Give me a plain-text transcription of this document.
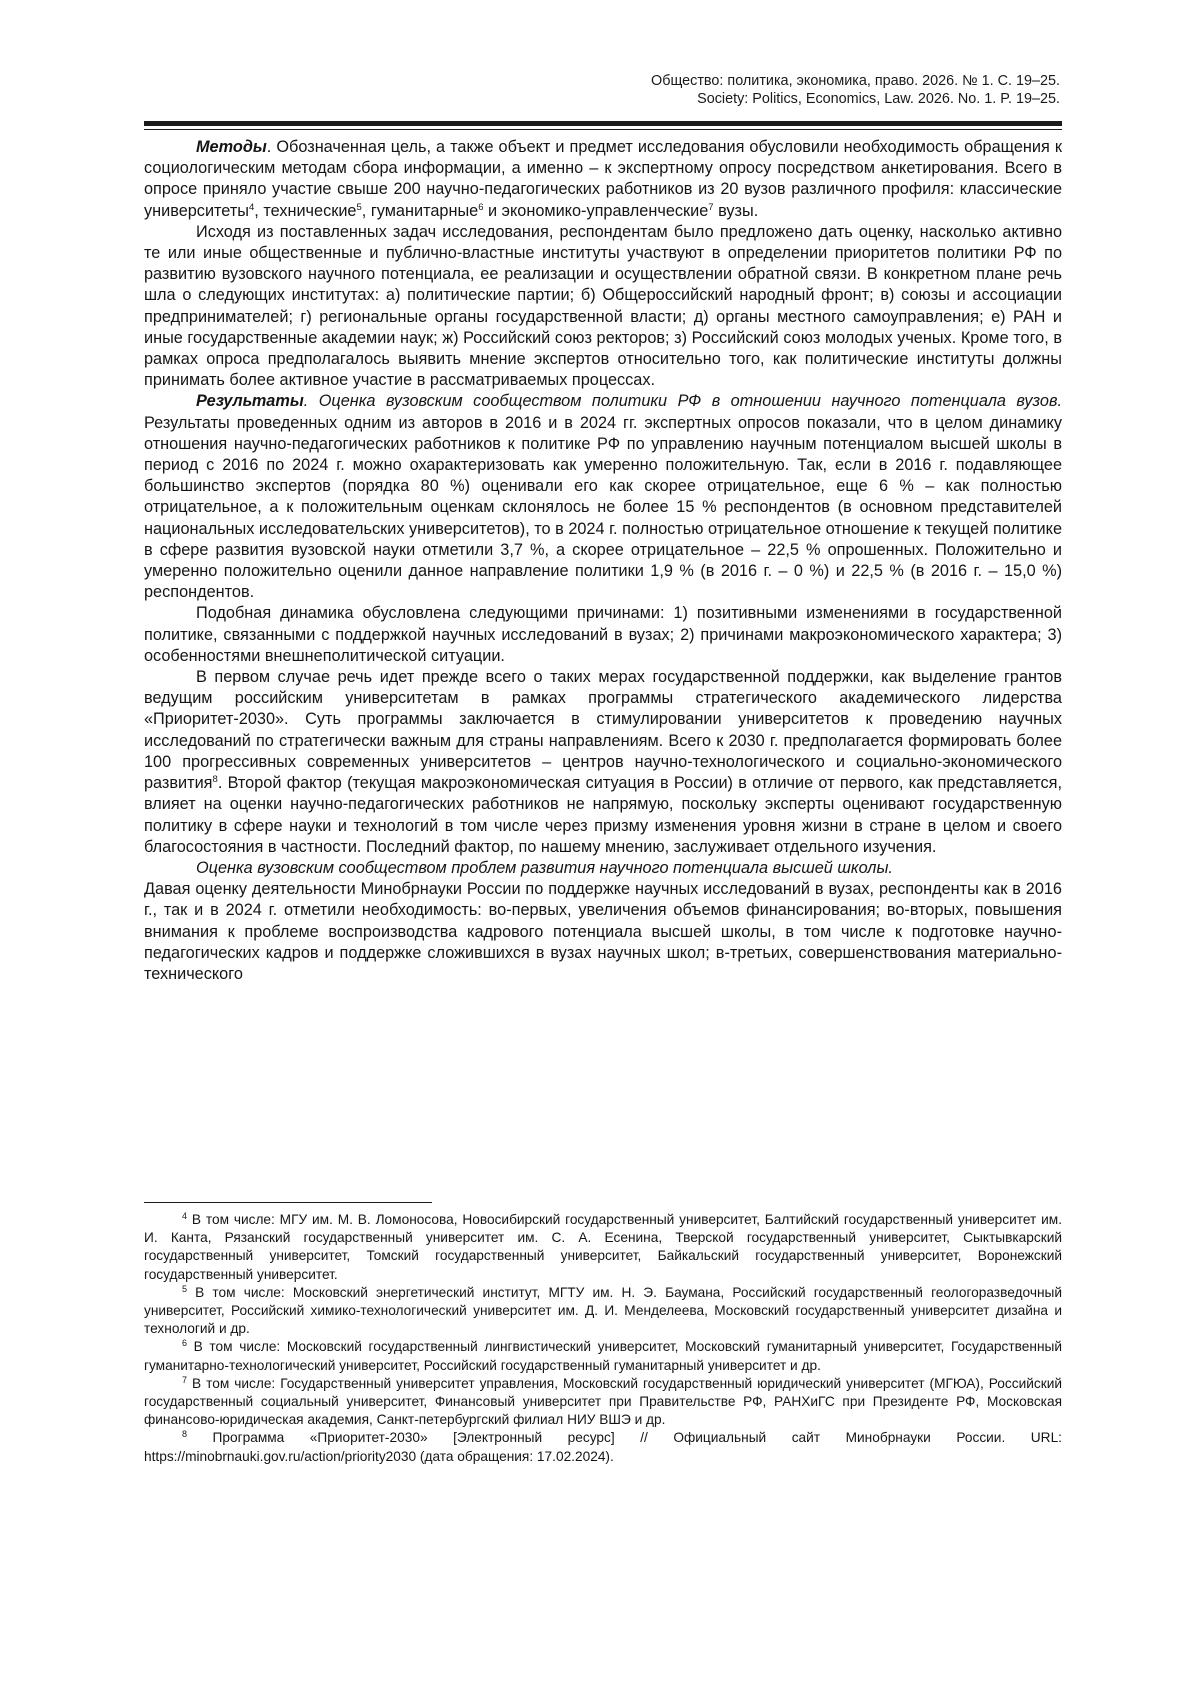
Общество: политика, экономика, право. 2026. № 1. С. 19–25.
Society: Politics, Economics, Law. 2026. No. 1. P. 19–25.

Методы. Обозначенная цель, а также объект и предмет исследования обусловили необходимость обращения к социологическим методам сбора информации, а именно – к экспертному опросу посредством анкетирования. Всего в опросе приняло участие свыше 200 научно-педагогических работников из 20 вузов различного профиля: классические университеты$^4$, технические$^5$, гуманитарные$^6$ и экономико-управленческие$^7$ вузы.

Исходя из поставленных задач исследования, респондентам было предложено дать оценку, насколько активно те или иные общественные и публично-властные институты участвуют в определении приоритетов политики РФ по развитию вузовского научного потенциала, ее реализации и осуществлении обратной связи. В конкретном плане речь шла о следующих институтах: а) политические партии; б) Общероссийский народный фронт; в) союзы и ассоциации предпринимателей; г) региональные органы государственной власти; д) органы местного самоуправления; е) РАН и иные государственные академии наук; ж) Российский союз ректоров; з) Российский союз молодых ученых. Кроме того, в рамках опроса предполагалось выявить мнение экспертов относительно того, как политические институты должны принимать более активное участие в рассматриваемых процессах.

Результаты. Оценка вузовским сообществом политики РФ в отношении научного потенциала вузов. Результаты проведенных одним из авторов в 2016 и в 2024 гг. экспертных опросов показали, что в целом динамику отношения научно-педагогических работников к политике РФ по управлению научным потенциалом высшей школы в период с 2016 по 2024 г. можно охарактеризовать как умеренно положительную. Так, если в 2016 г. подавляющее большинство экспертов (порядка 80 %) оценивали его как скорее отрицательное, еще 6 % – как полностью отрицательное, а к положительным оценкам склонялось не более 15 % респондентов (в основном представителей национальных исследовательских университетов), то в 2024 г. полностью отрицательное отношение к текущей политике в сфере развития вузовской науки отметили 3,7 %, а скорее отрицательное – 22,5 % опрошенных. Положительно и умеренно положительно оценили данное направление политики 1,9 % (в 2016 г. – 0 %) и 22,5 % (в 2016 г. – 15,0 %) респондентов.

Подобная динамика обусловлена следующими причинами: 1) позитивными изменениями в государственной политике, связанными с поддержкой научных исследований в вузах; 2) причинами макроэкономического характера; 3) особенностями внешнеполитической ситуации.

В первом случае речь идет прежде всего о таких мерах государственной поддержки, как выделение грантов ведущим российским университетам в рамках программы стратегического академического лидерства «Приоритет-2030». Суть программы заключается в стимулировании университетов к проведению научных исследований по стратегически важным для страны направлениям. Всего к 2030 г. предполагается формировать более 100 прогрессивных современных университетов – центров научно-технологического и социально-экономического развития$^8$. Второй фактор (текущая макроэкономическая ситуация в России) в отличие от первого, как представляется, влияет на оценки научно-педагогических работников не напрямую, поскольку эксперты оценивают государственную политику в сфере науки и технологий в том числе через призму изменения уровня жизни в стране в целом и своего благосостояния в частности. Последний фактор, по нашему мнению, заслуживает отдельного изучения.

Оценка вузовским сообществом проблем развития научного потенциала высшей школы.

Давая оценку деятельности Минобрнауки России по поддержке научных исследований в вузах, респонденты как в 2016 г., так и в 2024 г. отметили необходимость: во-первых, увеличения объемов финансирования; во-вторых, повышения внимания к проблеме воспроизводства кадрового потенциала высшей школы, в том числе к подготовке научно-педагогических кадров и поддержке сложившихся в вузах научных школ; в-третьих, совершенствования материально-технического

$^4$ В том числе: МГУ им. М. В. Ломоносова, Новосибирский государственный университет, Балтийский государственный университет им. И. Канта, Рязанский государственный университет им. С. А. Есенина, Тверской государственный университет, Сыктывкарский государственный университет, Томский государственный университет, Байкальский государственный университет, Воронежский государственный университет.

$^5$ В том числе: Московский энергетический институт, МГТУ им. Н. Э. Баумана, Российский государственный геологоразведочный университет, Российский химико-технологический университет им. Д. И. Менделеева, Московский государственный университет дизайна и технологий и др.

$^6$ В том числе: Московский государственный лингвистический университет, Московский гуманитарный университет, Государственный гуманитарно-технологический университет, Российский государственный гуманитарный университет и др.

$^7$ В том числе: Государственный университет управления, Московский государственный юридический университет (МГЮА), Российский государственный социальный университет, Финансовый университет при Правительстве РФ, РАНХиГС при Президенте РФ, Московская финансово-юридическая академия, Санкт-петербургский филиал НИУ ВШЭ и др.

$^8$ Программа «Приоритет-2030» [Электронный ресурс] // Официальный сайт Минобрнауки России. URL: https://minobrnauki.gov.ru/action/priority2030 (дата обращения: 17.02.2024).
